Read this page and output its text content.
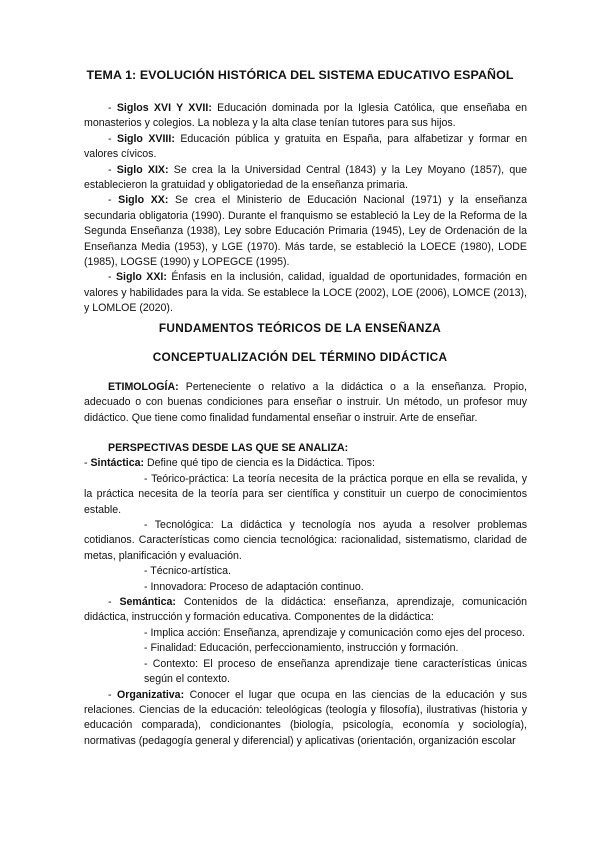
TEMA 1: EVOLUCIÓN HISTÓRICA DEL SISTEMA EDUCATIVO ESPAÑOL

- Siglos XVI Y XVII: Educación dominada por la Iglesia Católica, que enseñaba en monasterios y colegios. La nobleza y la alta clase tenían tutores para sus hijos.

- Siglo XVIII: Educación pública y gratuita en España, para alfabetizar y formar en valores cívicos.

- Siglo XIX: Se crea la la Universidad Central (1843) y la Ley Moyano (1857), que establecieron la gratuidad y obligatoriedad de la enseñanza primaria.

- Siglo XX: Se crea el Ministerio de Educación Nacional (1971) y la enseñanza secundaria obligatoria (1990). Durante el franquismo se estableció la Ley de la Reforma de la Segunda Enseñanza (1938), Ley sobre Educación Primaria (1945), Ley de Ordenación de la Enseñanza Media (1953), y LGE (1970). Más tarde, se estableció la LOECE (1980), LODE (1985), LOGSE (1990) y LOPEGCE (1995).

- Siglo XXI: Énfasis en la inclusión, calidad, igualdad de oportunidades, formación en valores y habilidades para la vida. Se establece la LOCE (2002), LOE (2006), LOMCE (2013), y LOMLOE (2020).

FUNDAMENTOS TEÓRICOS DE LA ENSEÑANZA
CONCEPTUALIZACIÓN DEL TÉRMINO DIDÁCTICA

ETIMOLOGÍA: Perteneciente o relativo a la didáctica o a la enseñanza. Propio, adecuado o con buenas condiciones para enseñar o instruir. Un método, un profesor muy didáctico. Que tiene como finalidad fundamental enseñar o instruir. Arte de enseñar.

PERSPECTIVAS DESDE LAS QUE SE ANALIZA:

- Sintáctica: Define qué tipo de ciencia es la Didáctica. Tipos:

- Teórico-práctica: La teoría necesita de la práctica porque en ella se revalida, y la práctica necesita de la teoría para ser científica y constituir un cuerpo de conocimientos estable.

- Tecnológica: La didáctica y tecnología nos ayuda a resolver problemas cotidianos. Características como ciencia tecnológica: racionalidad, sistematismo, claridad de metas, planificación y evaluación.

- Técnico-artística.

- Innovadora: Proceso de adaptación continuo.

- Semántica: Contenidos de la didáctica: enseñanza, aprendizaje, comunicación didáctica, instrucción y formación educativa. Componentes de la didáctica:

- Implica acción: Enseñanza, aprendizaje y comunicación como ejes del proceso.

- Finalidad: Educación, perfeccionamiento, instrucción y formación.

- Contexto: El proceso de enseñanza aprendizaje tiene características únicas según el contexto.

- Organizativa: Conocer el lugar que ocupa en las ciencias de la educación y sus relaciones. Ciencias de la educación: teleológicas (teología y filosofía), ilustrativas (historia y educación comparada), condicionantes (biología, psicología, economía y sociología), normativas (pedagogía general y diferencial) y aplicativas (orientación, organización escolar
